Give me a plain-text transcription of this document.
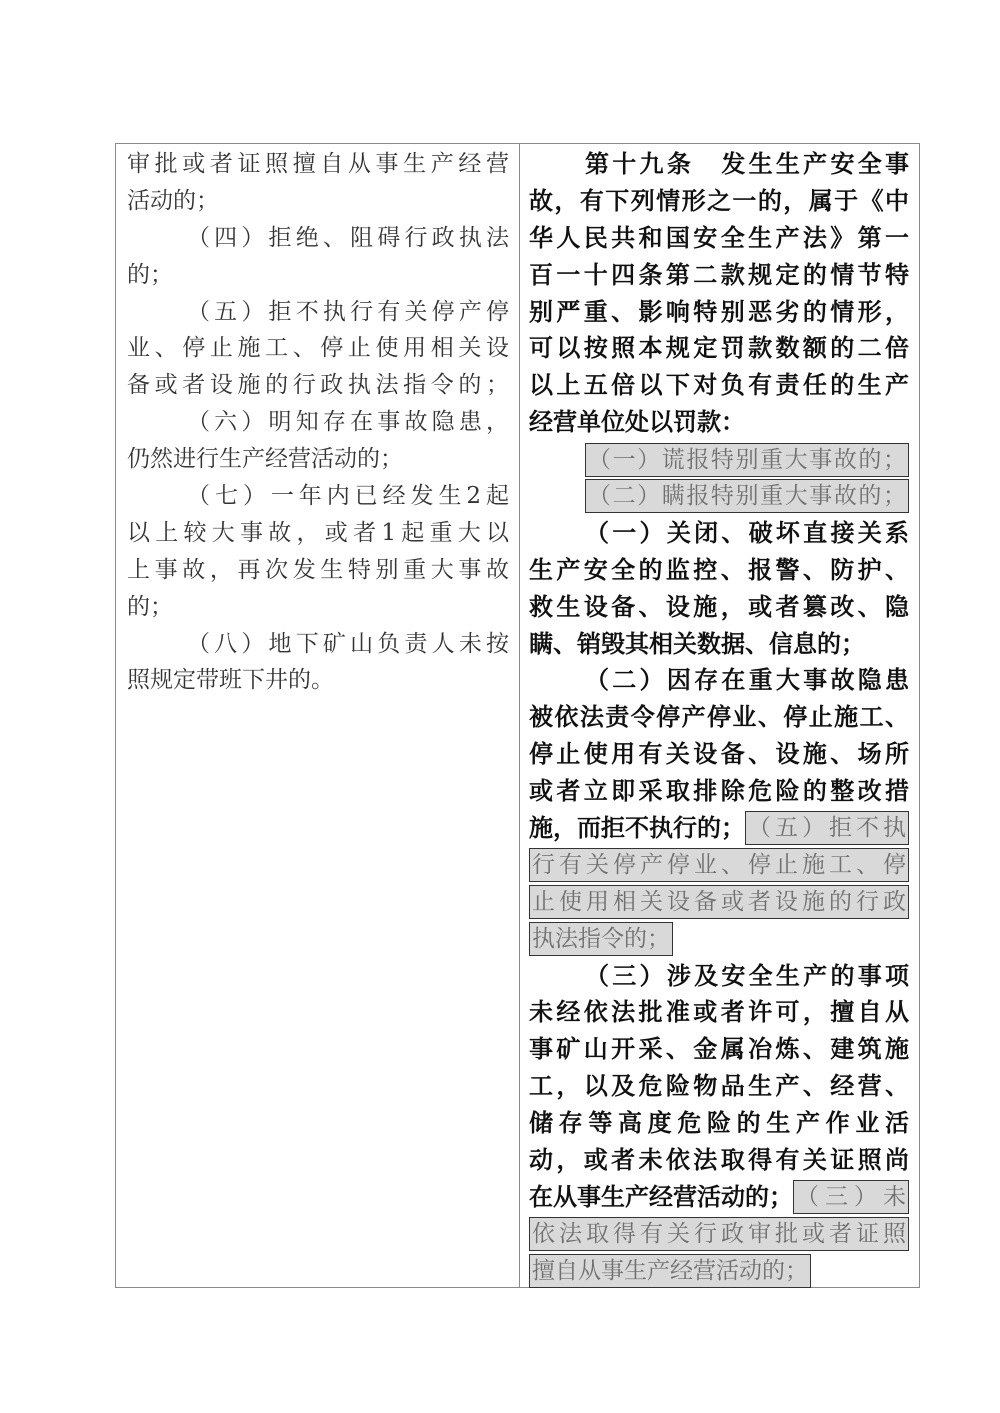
审批或者证照擅自从事生产经营
活动的；
（四）拒绝、阻碍行政执法
的；
（五）拒不执行有关停产停
业、停止施工、停止使用相关设
备或者设施的行政执法指令的；
（六）明知存在事故隐患，
仍然进行生产经营活动的；
（七）一年内已经发生2起
以上较大事故，或者1起重大以
上事故，再次发生特别重大事故
的；
（八）地下矿山负责人未按
照规定带班下井的。
第十九条　发生生产安全事
故，有下列情形之一的，属于《中
华人民共和国安全生产法》第一
百一十四条第二款规定的情节特
别严重、影响特别恶劣的情形，
可以按照本规定罚款数额的二倍
以上五倍以下对负有责任的生产
经营单位处以罚款：
（一）谎报特别重大事故的；
（二）瞒报特别重大事故的；
（一）关闭、破坏直接关系
生产安全的监控、报警、防护、
救生设备、设施，或者篡改、隐
瞒、销毁其相关数据、信息的；
（二）因存在重大事故隐患
被依法责令停产停业、停止施工、
停止使用有关设备、设施、场所
或者立即采取排除危险的整改措
施，而拒不执行的； （五）拒不执
行有关停产停业、停止施工、停
止使用相关设备或者设施的行政
执法指令的；
（三）涉及安全生产的事项
未经依法批准或者许可，擅自从
事矿山开采、金属冶炼、建筑施
工，以及危险物品生产、经营、
储存等高度危险的生产作业活
动，或者未依法取得有关证照尚
在从事生产经营活动的； （三）未
依法取得有关行政审批或者证照
擅自从事生产经营活动的；
